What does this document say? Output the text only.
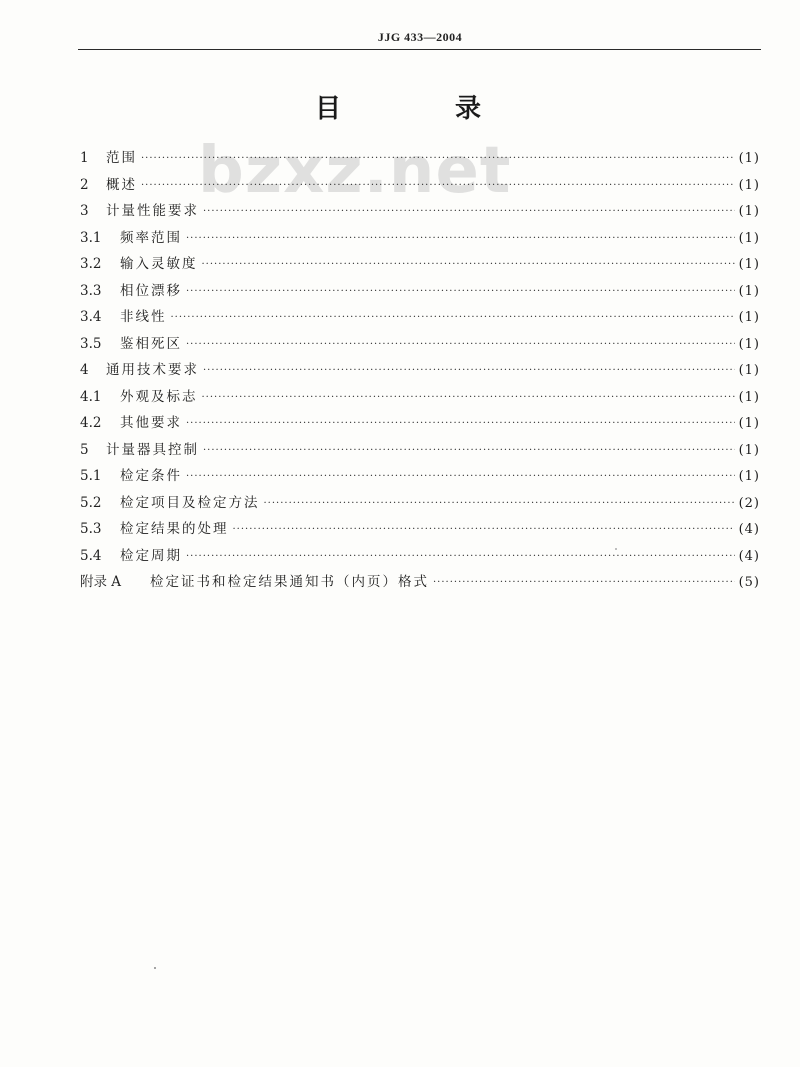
JJG 433—2004
目　录
bzxz.net
1	范围 ·····	(1)
2	概述 ·····	(1)
3	计量性能要求 ·····	(1)
3.1	频率范围 ·····	(1)
3.2	输入灵敏度 ·····	(1)
3.3	相位漂移 ·····	(1)
3.4	非线性 ·····	(1)
3.5	鉴相死区 ·····	(1)
4	通用技术要求 ·····	(1)
4.1	外观及标志 ·····	(1)
4.2	其他要求 ·····	(1)
5	计量器具控制 ·····	(1)
5.1	检定条件 ·····	(1)
5.2	检定项目及检定方法 ·····	(2)
5.3	检定结果的处理 ·····	(4)
5.4	检定周期 ·····	(4)
附录 A	检定证书和检定结果通知书（内页）格式 ·····	(5)
